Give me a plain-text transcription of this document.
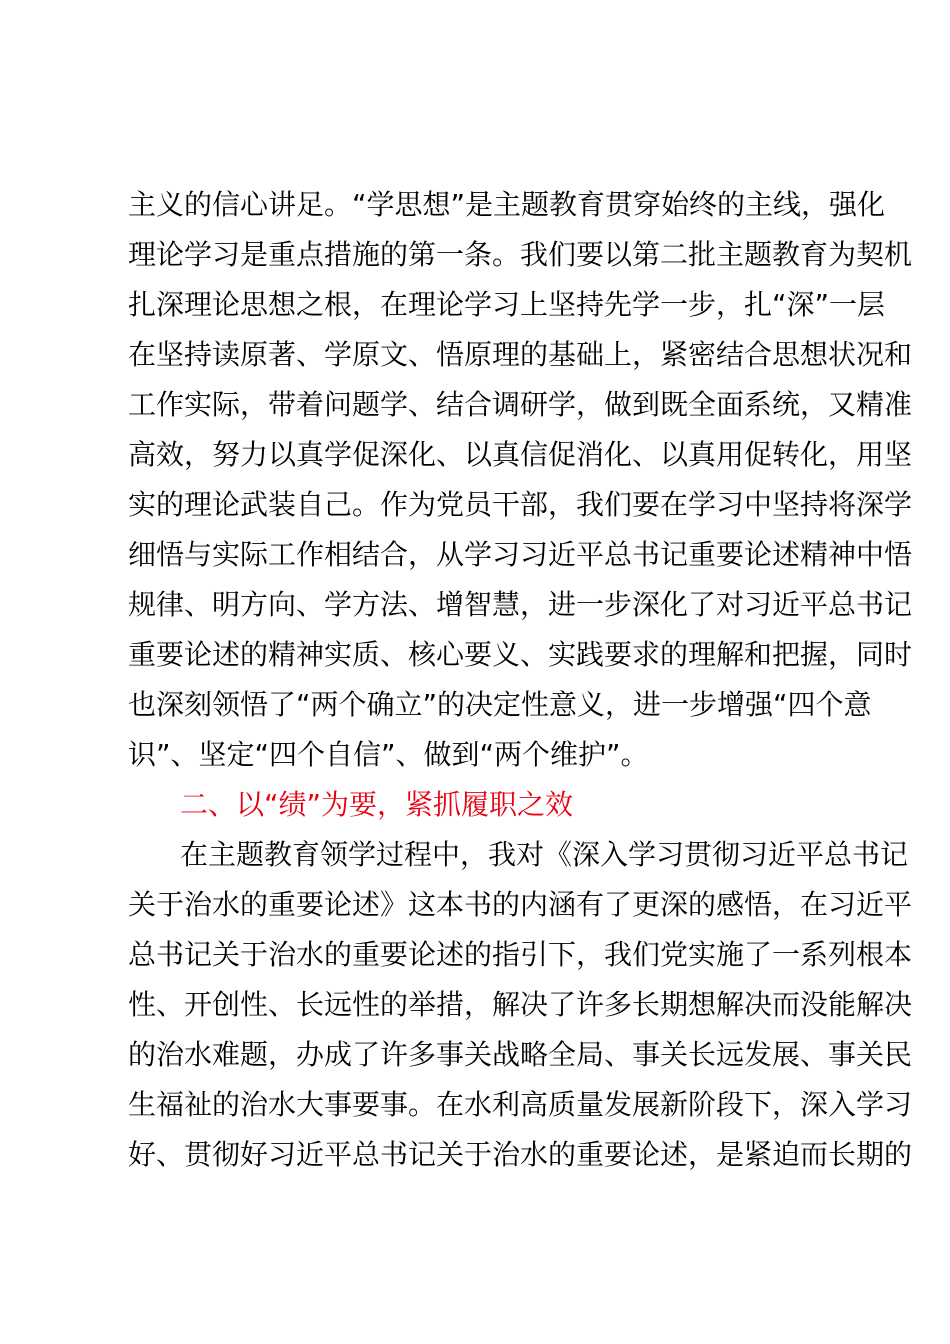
主义的信心讲足。“学思想”是主题教育贯穿始终的主线，强化
理论学习是重点措施的第一条。我们要以第二批主题教育为契机
扎深理论思想之根，在理论学习上坚持先学一步，扎“深”一层
在坚持读原著、学原文、悟原理的基础上，紧密结合思想状况和
工作实际，带着问题学、结合调研学，做到既全面系统，又精准
高效，努力以真学促深化、以真信促消化、以真用促转化，用坚
实的理论武装自己。作为党员干部，我们要在学习中坚持将深学
细悟与实际工作相结合，从学习习近平总书记重要论述精神中悟
规律、明方向、学方法、增智慧，进一步深化了对习近平总书记
重要论述的精神实质、核心要义、实践要求的理解和把握，同时
也深刻领悟了“两个确立”的决定性意义，进一步增强“四个意
识”、坚定“四个自信”、做到“两个维护”。
二、以“绩”为要，紧抓履职之效
在主题教育领学过程中，我对《深入学习贯彻习近平总书记
关于治水的重要论述》这本书的内涵有了更深的感悟，在习近平
总书记关于治水的重要论述的指引下，我们党实施了一系列根本
性、开创性、长远性的举措，解决了许多长期想解决而没能解决
的治水难题，办成了许多事关战略全局、事关长远发展、事关民
生福祉的治水大事要事。在水利高质量发展新阶段下，深入学习
好、贯彻好习近平总书记关于治水的重要论述，是紧迫而长期的
